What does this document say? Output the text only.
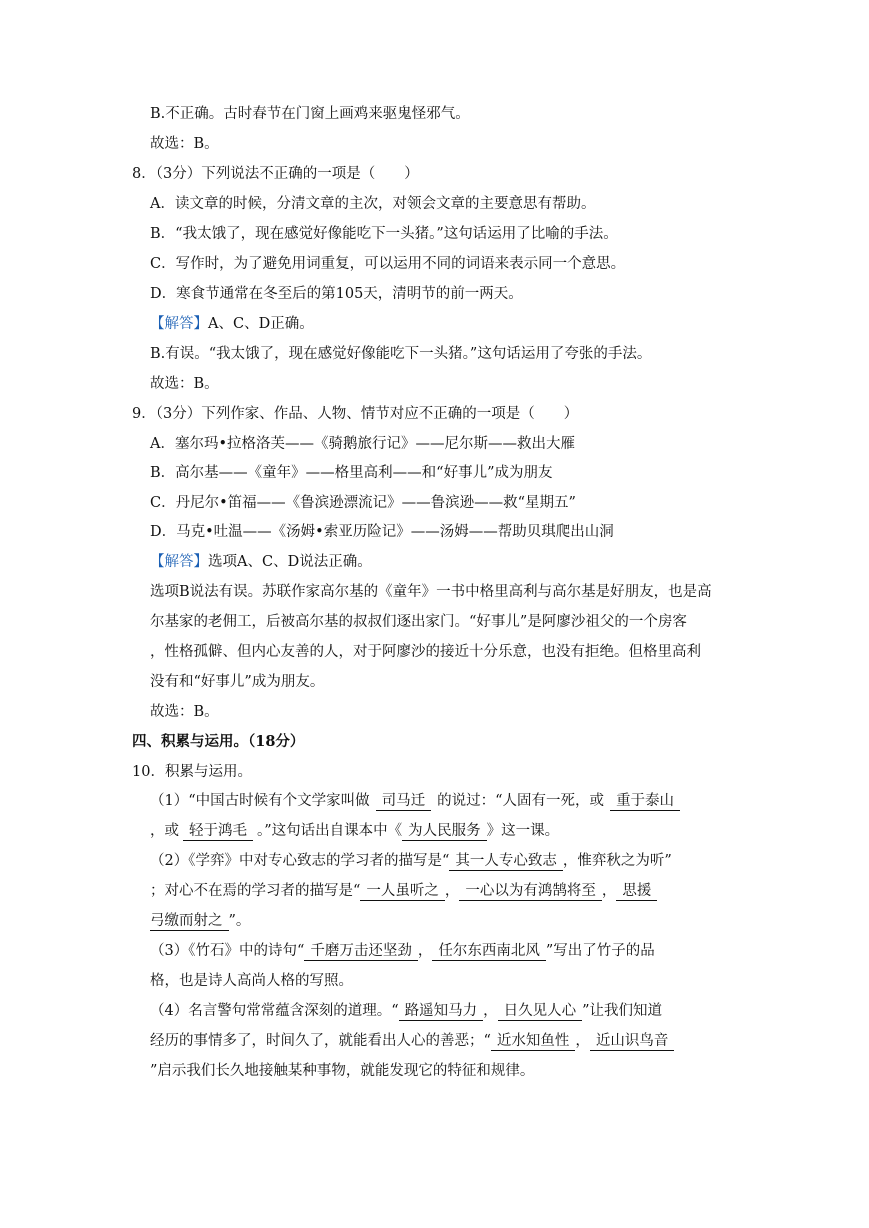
B.不正确。古时春节在门窗上画鸡来驱鬼怪邪气。
故选：B。
8．（3分）下列说法不正确的一项是（　　）
A．读文章的时候，分清文章的主次，对领会文章的主要意思有帮助。
B．“我太饿了，现在感觉好像能吃下一头猪。”这句话运用了比喻的手法。
C．写作时，为了避免用词重复，可以运用不同的词语来表示同一个意思。
D．寒食节通常在冬至后的第105天，清明节的前一两天。
【解答】A、C、D正确。
B.有误。“我太饿了，现在感觉好像能吃下一头猪。”这句话运用了夸张的手法。
故选：B。
9．（3分）下列作家、作品、人物、情节对应不正确的一项是（　　）
A．塞尔玛•拉格洛芙——《骑鹅旅行记》——尼尔斯——救出大雁
B．高尔基——《童年》——格里高利——和“好事儿”成为朋友
C．丹尼尔•笛福——《鲁滨逊漂流记》——鲁滨逊——救“星期五”
D．马克•吐温——《汤姆•索亚历险记》——汤姆——帮助贝琪爬出山洞
【解答】选项A、C、D说法正确。
选项B说法有误。苏联作家高尔基的《童年》一书中格里高利与高尔基是好朋友，也是高
尔基家的老佣工，后被高尔基的叔叔们逐出家门。“好事儿”是阿廖沙祖父的一个房客
，性格孤僻、但内心友善的人，对于阿廖沙的接近十分乐意，也没有拒绝。但格里高利
没有和“好事儿”成为朋友。
故选：B。
四、积累与运用。（18分）
10．积累与运用。
（1）“中国古时候有个文学家叫做 司马迁 的说过：“人固有一死，或 重于泰山
，或 轻于鸿毛 。”这句话出自课本中《 为人民服务 》这一课。
（2）《学弈》中对专心致志的学习者的描写是“ 其一人专心致志 ，惟弈秋之为听”
；对心不在焉的学习者的描写是“ 一人虽听之 ， 一心以为有鸿鹄将至 ， 思援
弓缴而射之 ”。
（3）《竹石》中的诗句“ 千磨万击还坚劲 ， 任尔东西南北风 ”写出了竹子的品
格，也是诗人高尚人格的写照。
（4）名言警句常常蕴含深刻的道理。“ 路遥知马力 ， 日久见人心 ”让我们知道
经历的事情多了，时间久了，就能看出人心的善恶；“ 近水知鱼性 ， 近山识鸟音
”启示我们长久地接触某种事物，就能发现它的特征和规律。
